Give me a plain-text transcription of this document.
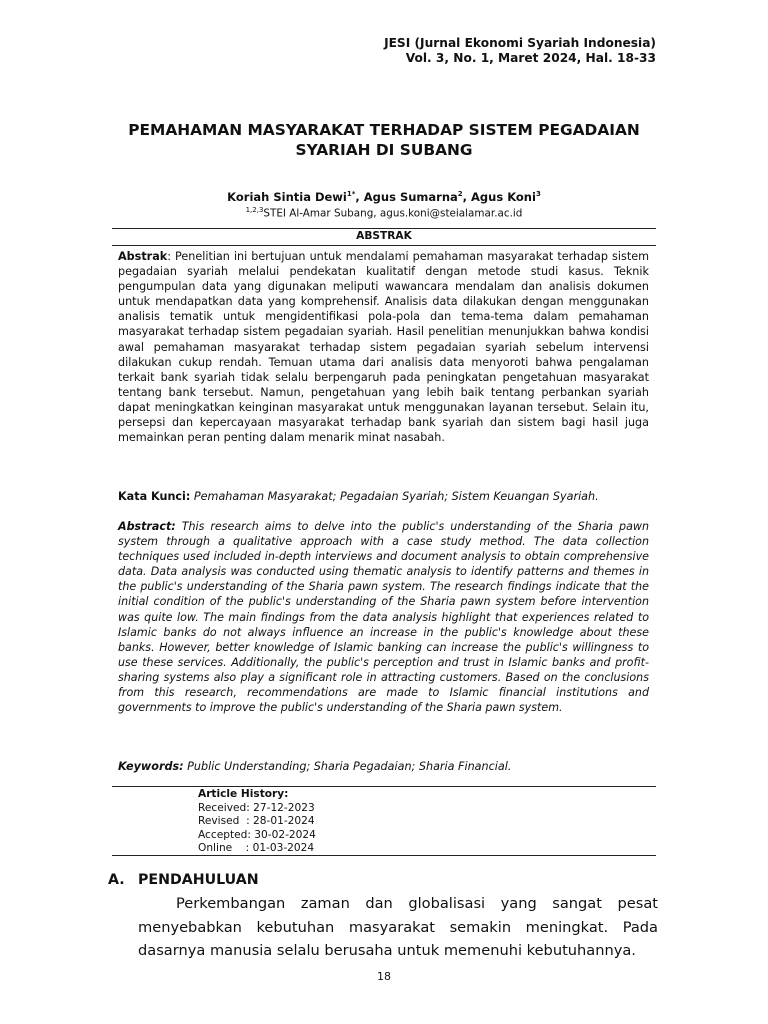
JESI (Jurnal Ekonomi Syariah Indonesia)
Vol. 3, No. 1, Maret 2024, Hal. 18-33
PEMAHAMAN MASYARAKAT TERHADAP SISTEM PEGADAIAN
SYARIAH DI SUBANG
Koriah Sintia Dewi$^{1*}$, Agus Sumarna$^2$, Agus Koni$^3$
$^{1,2,3}$STEI Al-Amar Subang, agus.koni@steialamar.ac.id
ABSTRAK
Abstrak: Penelitian ini bertujuan untuk mendalami pemahaman masyarakat terhadap sistem pegadaian syariah melalui pendekatan kualitatif dengan metode studi kasus. Teknik pengumpulan data yang digunakan meliputi wawancara mendalam dan analisis dokumen untuk mendapatkan data yang komprehensif. Analisis data dilakukan dengan menggunakan analisis tematik untuk mengidentifikasi pola-pola dan tema-tema dalam pemahaman masyarakat terhadap sistem pegadaian syariah. Hasil penelitian menunjukkan bahwa kondisi awal pemahaman masyarakat terhadap sistem pegadaian syariah sebelum intervensi dilakukan cukup rendah. Temuan utama dari analisis data menyoroti bahwa pengalaman terkait bank syariah tidak selalu berpengaruh pada peningkatan pengetahuan masyarakat tentang bank tersebut. Namun, pengetahuan yang lebih baik tentang perbankan syariah dapat meningkatkan keinginan masyarakat untuk menggunakan layanan tersebut. Selain itu, persepsi dan kepercayaan masyarakat terhadap bank syariah dan sistem bagi hasil juga memainkan peran penting dalam menarik minat nasabah.
Kata Kunci: Pemahaman Masyarakat; Pegadaian Syariah; Sistem Keuangan Syariah.
Abstract: This research aims to delve into the public's understanding of the Sharia pawn system through a qualitative approach with a case study method. The data collection techniques used included in-depth interviews and document analysis to obtain comprehensive data. Data analysis was conducted using thematic analysis to identify patterns and themes in the public's understanding of the Sharia pawn system. The research findings indicate that the initial condition of the public's understanding of the Sharia pawn system before intervention was quite low. The main findings from the data analysis highlight that experiences related to Islamic banks do not always influence an increase in the public's knowledge about these banks. However, better knowledge of Islamic banking can increase the public's willingness to use these services. Additionally, the public's perception and trust in Islamic banks and profit-sharing systems also play a significant role in attracting customers. Based on the conclusions from this research, recommendations are made to Islamic financial institutions and governments to improve the public's understanding of the Sharia pawn system.
Keywords: Public Understanding; Sharia Pegadaian; Sharia Financial.
Article History:
Received: 27-12-2023
Revised  : 28-01-2024
Accepted: 30-02-2024
Online    : 01-03-2024
A. PENDAHULUAN
Perkembangan zaman dan globalisasi yang sangat pesat menyebabkan kebutuhan masyarakat semakin meningkat. Pada dasarnya manusia selalu berusaha untuk memenuhi kebutuhannya.
18
